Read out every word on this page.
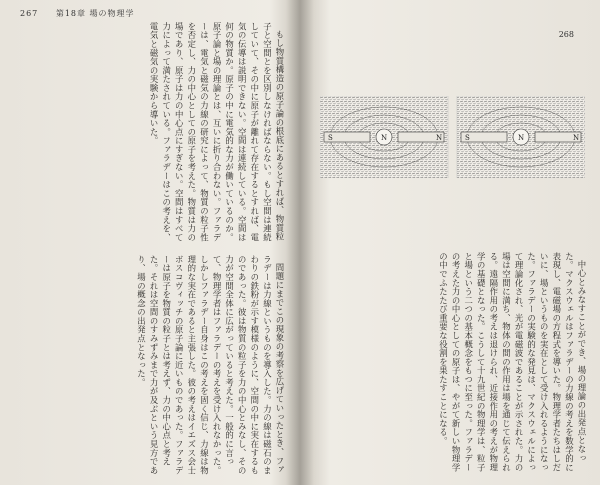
267 第18章 場の物理学

もし物質構造の原子論の根底にあるとすれば、物質粒子と空間とを区別しなければならない。もし空間は連続していて、その中に原子が離れて存在するとすれば、電気の伝導は説明できない。空間は連続している。空間は何の物質か。原子の中に電気的な力が働いているのか。原子論と場の理論とは、互いに折り合わない。ファラデーは、電気と磁気の力線の研究によって、物質の粒子性を否定し、力の中心としての原子を考えた。物質は力の場であり、原子は力の中心点にすぎない。空間はすべて力によって満たされている。ファラデーはこの考えを、電気と磁気の実験から導いた。

問題にまでこの現象の考察を広げていったとき、ファラデーは力線というものを導入した。力の線は磁石のまわりの鉄粉が示す模様のように、空間の中に実在するものであった。彼は物質の粒子を力の中心とみなし、その力が空間全体に広がっていると考えた。一般的に言って、物理学者はファラデーの考えを受け入れなかった。しかしファラデー自身はこの考えを固く信じ、力線は物理的な実在であると主張した。彼の考えはイエズス会士ボスコヴィッチの原子論に近いものであった。ファラデーは原子を物質の粒子とは考えず、力の中心点と考えた。それは空間のすみずみまで力が及ぶという見方であり、場の概念の出発点となった。

268
S	N	N	S	N	N

中心とみなすことができ、場の理論の出発点となった。マクスウェルはファラデーの力線の考えを数学的に表現し、電磁場の方程式を導いた。物理学者たちはしだいに、場というものを実在として受け入れるようになった。ファラデーの実験的な発見は、マクスウェルによって理論化され、光が電磁波であることが示された。力の場は空間に満ち、物体の間の作用は場を通じて伝えられる。遠隔作用の考えは退けられ、近接作用の考えが物理学の基礎となった。こうして十九世紀の物理学は、粒子と場という二つの基本概念をもつに至った。ファラデーの考えた力の中心としての原子は、やがて新しい物理学の中でふたたび重要な役割を果たすことになる。
